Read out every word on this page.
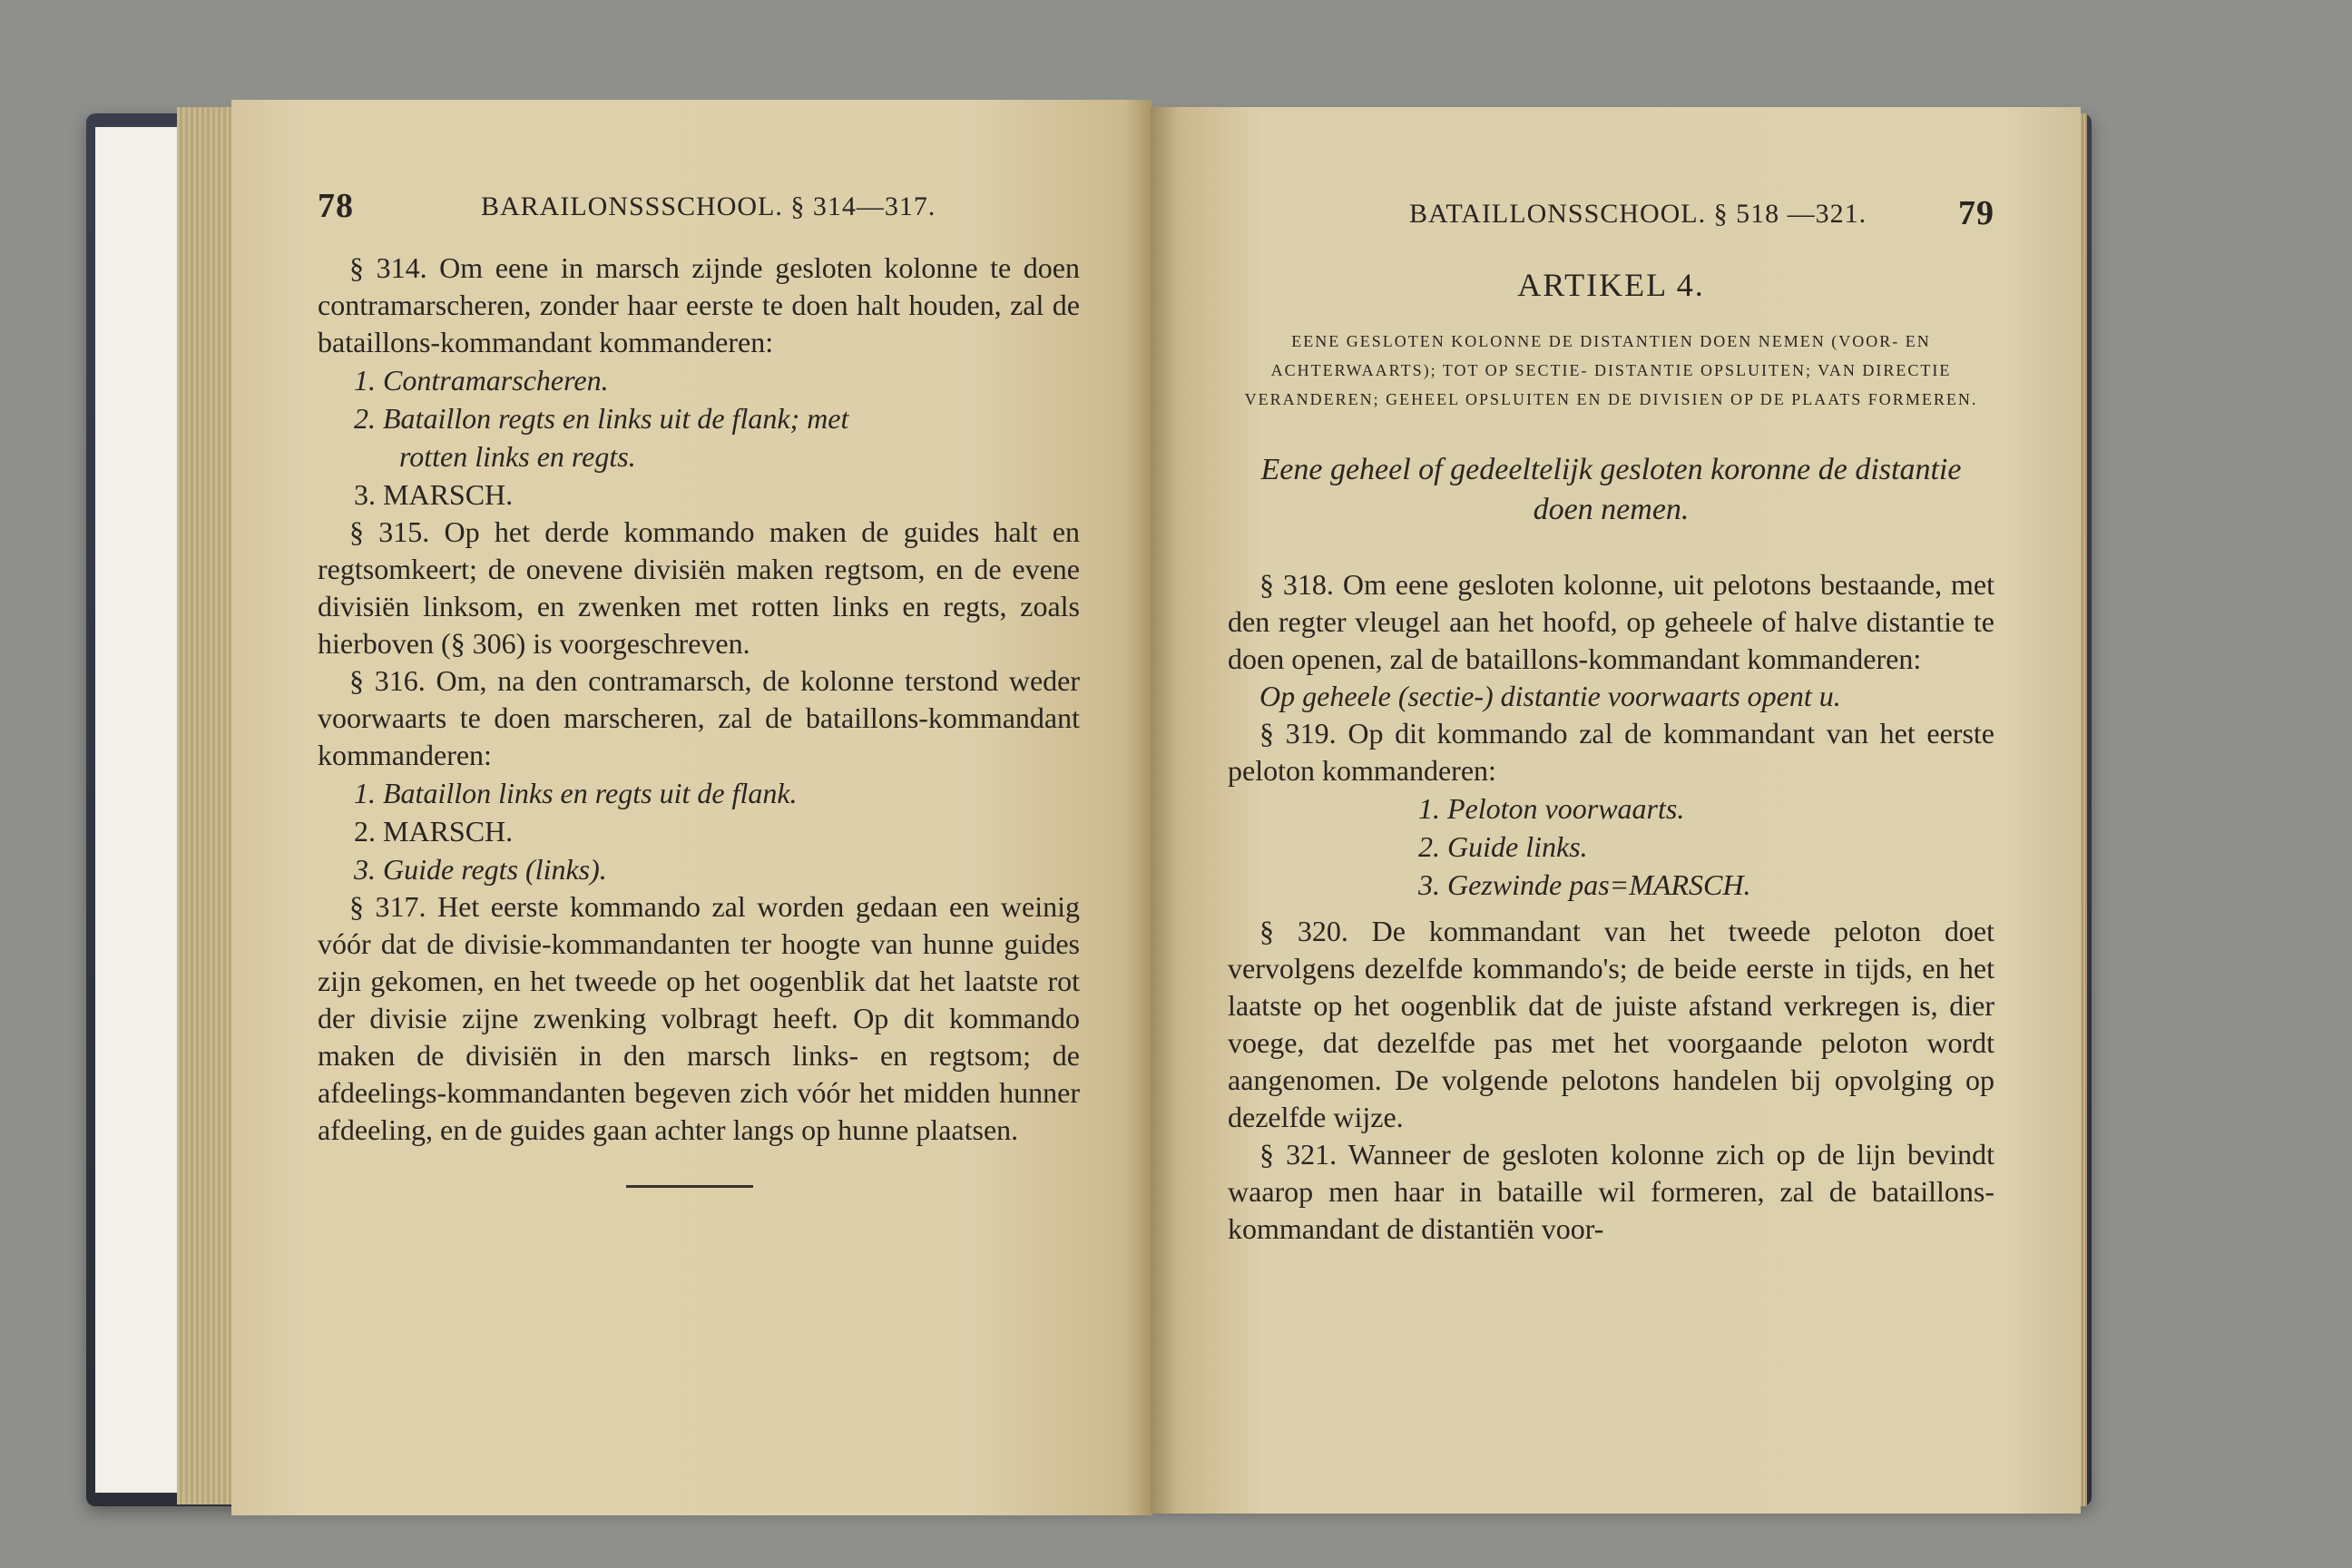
78	BARAILONSSSCHOOL. § 314—317.

§ 314. Om eene in marsch zijnde gesloten kolonne te doen contramarscheren, zonder haar eerste te doen halt houden, zal de bataillons-kommandant kommanderen:

1. Contramarscheren.
2. Bataillon regts en links uit de flank; met
rotten links en regts.
3. MARSCH.

§ 315. Op het derde kommando maken de guides halt en regtsomkeert; de onevene divisiën maken regtsom, en de evene divisiën linksom, en zwenken met rotten links en regts, zoals hierboven (§ 306) is voorgeschreven.

§ 316. Om, na den contramarsch, de kolonne terstond weder voorwaarts te doen marscheren, zal de bataillons-kommandant kommanderen:

1. Bataillon links en regts uit de flank.
2. MARSCH.
3. Guide regts (links).

§ 317. Het eerste kommando zal worden gedaan een weinig vóór dat de divisie-kommandanten ter hoogte van hunne guides zijn gekomen, en het tweede op het oogenblik dat het laatste rot der divisie zijne zwenking volbragt heeft. Op dit kommando maken de divisiën in den marsch links- en regtsom; de afdeelings-kommandanten begeven zich vóór het midden hunner afdeeling, en de guides gaan achter langs op hunne plaatsen.

BATAILLONSSCHOOL. § 518 —321.	79
ARTIKEL 4.
EENE GESLOTEN KOLONNE DE DISTANTIEN DOEN NEMEN (VOOR- EN ACHTERWAARTS); TOT OP SECTIE- DISTANTIE OPSLUITEN; VAN DIRECTIE VERANDEREN; GEHEEL OPSLUITEN EN DE DIVISIEN OP DE PLAATS FORMEREN.
Eene geheel of gedeeltelijk gesloten koronne de distantie doen nemen.

§ 318. Om eene gesloten kolonne, uit pelotons bestaande, met den regter vleugel aan het hoofd, op geheele of halve distantie te doen openen, zal de bataillons-kommandant kommanderen:

Op geheele (sectie-) distantie voorwaarts opent u.

§ 319. Op dit kommando zal de kommandant van het eerste peloton kommanderen:

1. Peloton voorwaarts.
2. Guide links.
3. Gezwinde pas=MARSCH.

§ 320. De kommandant van het tweede peloton doet vervolgens dezelfde kommando's; de beide eerste in tijds, en het laatste op het oogenblik dat de juiste afstand verkregen is, dier voege, dat dezelfde pas met het voorgaande peloton wordt aangenomen. De volgende pelotons handelen bij opvolging op dezelfde wijze.

§ 321. Wanneer de gesloten kolonne zich op de lijn bevindt waarop men haar in bataille wil formeren, zal de bataillons-kommandant de distantiën voor-
